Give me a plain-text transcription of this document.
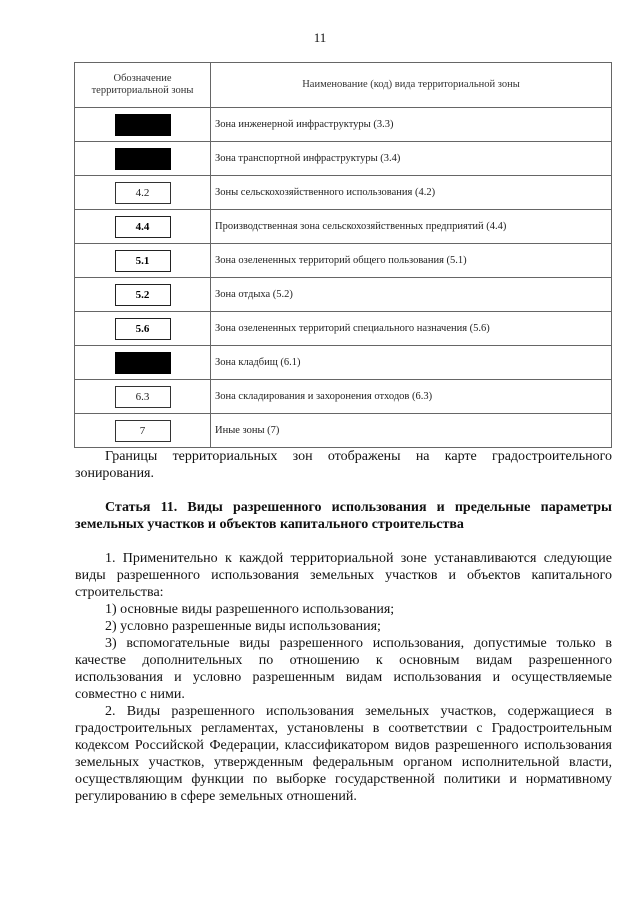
11
Обозначение территориальной зоны	Наименование (код) вида территориальной зоны
	Зона инженерной инфраструктуры (3.3)
	Зона транспортной инфраструктуры (3.4)
4.2	Зоны сельскохозяйственного использования (4.2)
4.4	Производственная зона сельскохозяйственных предприятий (4.4)
5.1	Зона озелененных территорий общего пользования (5.1)
5.2	Зона отдыха (5.2)
5.6	Зона озелененных территорий специального назначения (5.6)
	Зона кладбищ (6.1)
6.3	Зона складирования и захоронения отходов (6.3)
7	Иные зоны (7)

Границы территориальных зон отображены на карте градостроительного зонирования.

Статья 11. Виды разрешенного использования и предельные параметры земельных участков и объектов капитального строительства

1. Применительно к каждой территориальной зоне устанавливаются следующие виды разрешенного использования земельных участков и объектов капитального строительства:

1) основные виды разрешенного использования;

2) условно разрешенные виды использования;

3) вспомогательные виды разрешенного использования, допустимые только в качестве дополнительных по отношению к основным видам разрешенного использования и условно разрешенным видам использования и осуществляемые совместно с ними.

2. Виды разрешенного использования земельных участков, содержащиеся в градостроительных регламентах, установлены в соответствии с Градостроительным кодексом Российской Федерации, классификатором видов разрешенного использования земельных участков, утвержденным федеральным органом исполнительной власти, осуществляющим функции по выборке государственной политики и нормативному регулированию в сфере земельных отношений.
